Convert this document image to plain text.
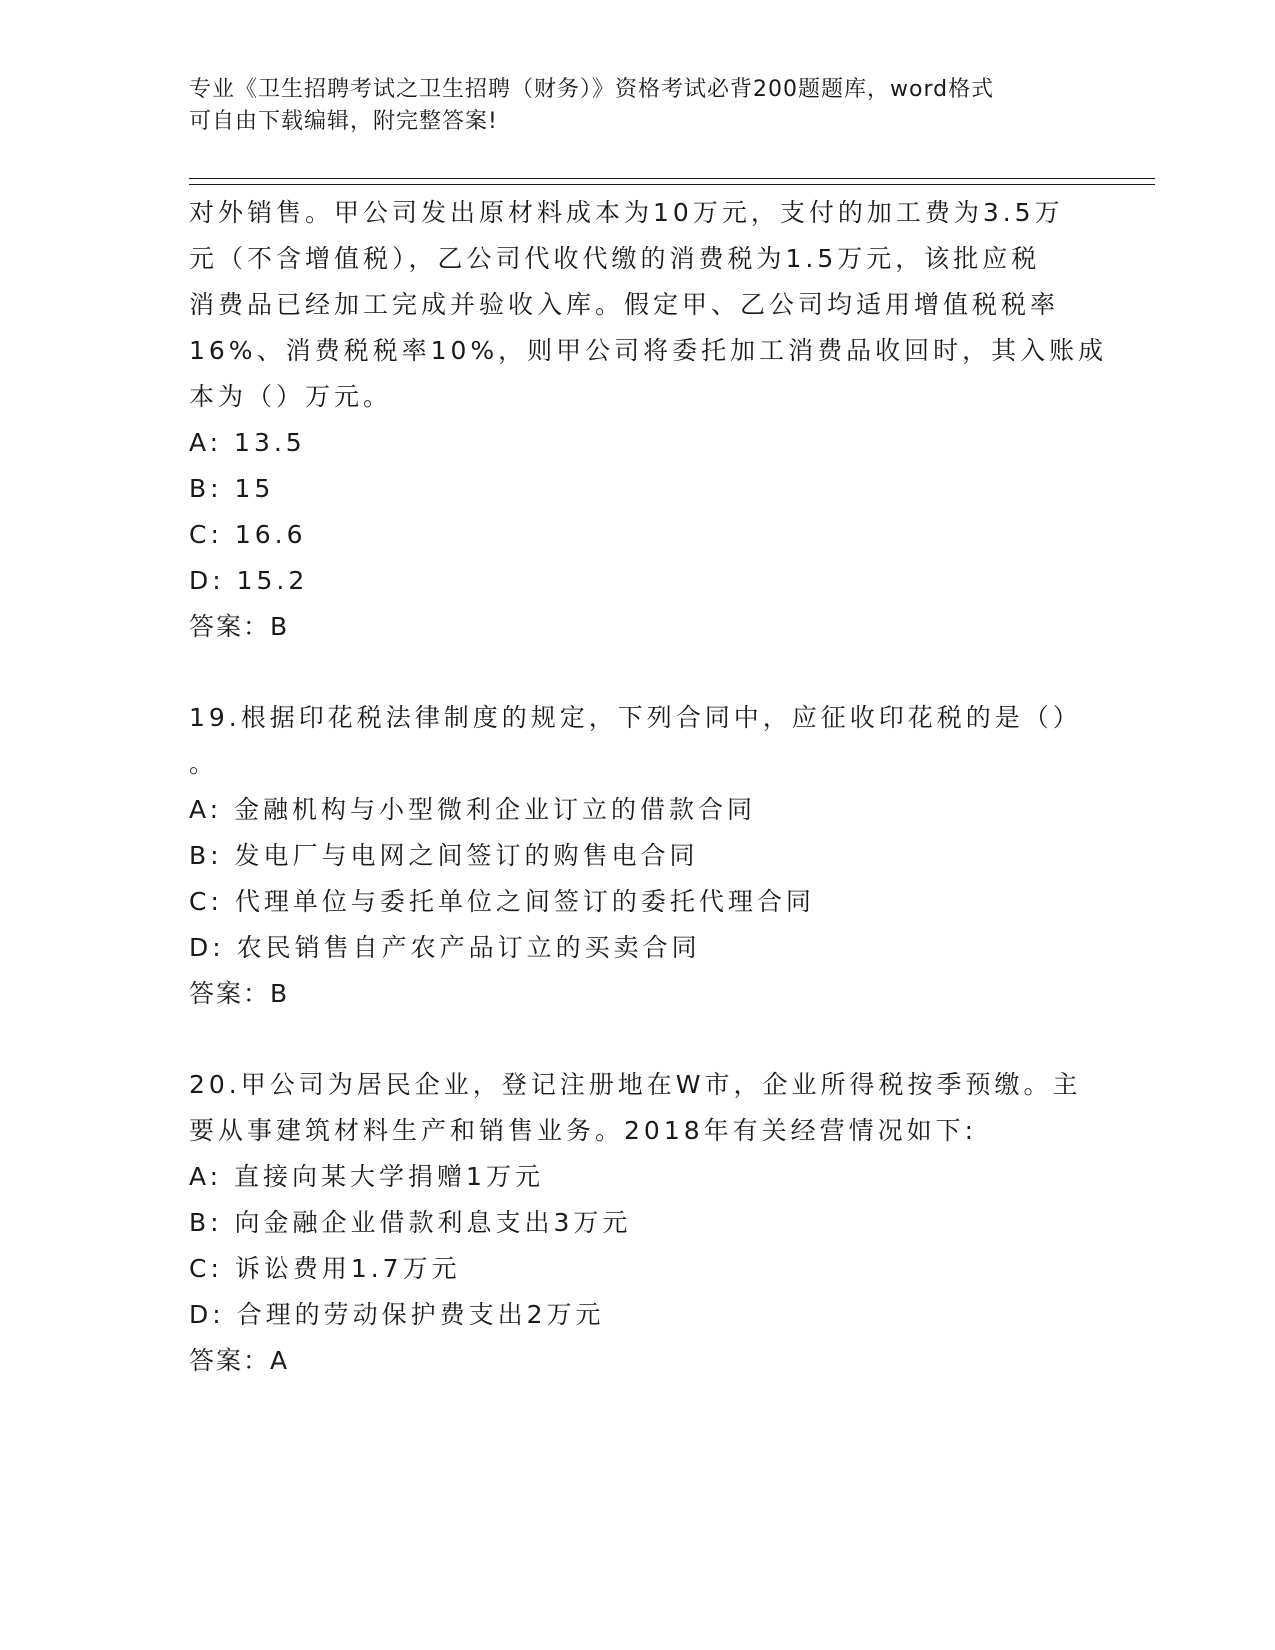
专业《卫生招聘考试之卫生招聘（财务）》资格考试必背200题题库，word格式
可自由下载编辑，附完整答案!
对外销售。甲公司发出原材料成本为10万元，支付的加工费为3.5万
元（不含增值税），乙公司代收代缴的消费税为1.5万元，该批应税
消费品已经加工完成并验收入库。假定甲、乙公司均适用增值税税率
16%、消费税税率10%，则甲公司将委托加工消费品收回时，其入账成
本为（）万元。
A: 13.5
B: 15
C: 16.6
D: 15.2
答案：B
19.根据印花税法律制度的规定，下列合同中，应征收印花税的是（）
。
A: 金融机构与小型微利企业订立的借款合同
B: 发电厂与电网之间签订的购售电合同
C: 代理单位与委托单位之间签订的委托代理合同
D: 农民销售自产农产品订立的买卖合同
答案：B
20.甲公司为居民企业，登记注册地在W市，企业所得税按季预缴。主
要从事建筑材料生产和销售业务。2018年有关经营情况如下:
A: 直接向某大学捐赠1万元
B: 向金融企业借款利息支出3万元
C: 诉讼费用1.7万元
D: 合理的劳动保护费支出2万元
答案：A
